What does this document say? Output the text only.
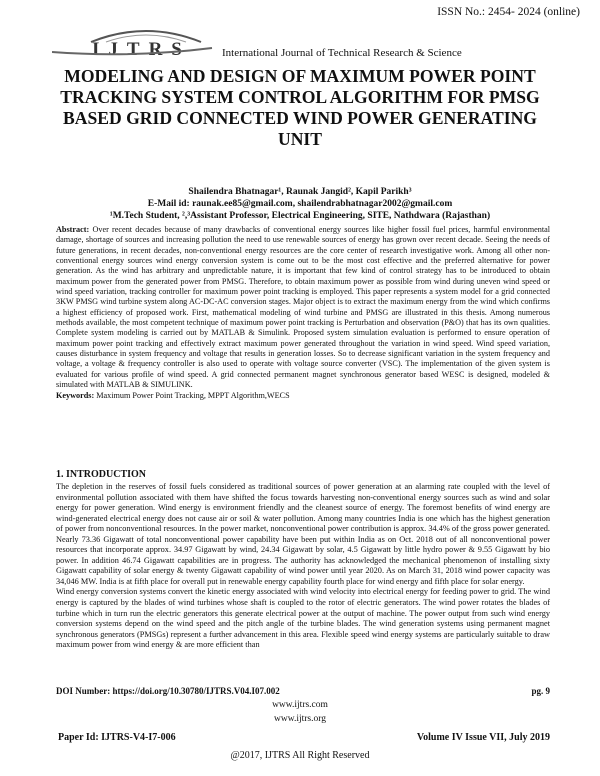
ISSN No.: 2454- 2024 (online)
IJTRS	International Journal of Technical Research & Science
MODELING AND DESIGN OF MAXIMUM POWER POINT TRACKING SYSTEM CONTROL ALGORITHM FOR PMSG BASED GRID CONNECTED WIND POWER GENERATING UNIT
Shailendra Bhatnagar¹, Raunak Jangid², Kapil Parikh³
E-Mail id: raunak.ee85@gmail.com, shailendrabhatnagar2002@gmail.com
¹M.Tech Student, ²,³Assistant Professor, Electrical Engineering, SITE, Nathdwara (Rajasthan)
Abstract: Over recent decades because of many drawbacks of conventional energy sources like higher fossil fuel prices, harmful environmental damage, shortage of sources and increasing pollution the need to use renewable sources of energy has grown over recent decade. Seeing the needs of future generations, in recent decades, non-conventional energy resources are the core center of research investigative work. Among all other non-conventional energy sources wind energy conversion system is come out to be the most cost effective and the preferred alternative for power generation. As the wind has arbitrary and unpredictable nature, it is important that few kind of control strategy has to be introduced to obtain maximum power from the generated power from PMSG. Therefore, to obtain maximum power as possible from wind during uneven wind speed or wind speed variation, tracking controller for maximum power point tracking is employed. This paper represents a system model for a grid connected 3KW PMSG wind turbine system along AC-DC-AC conversion stages. Major object is to extract the maximum energy from the wind which confirms a highest efficiency of proposed work. First, mathematical modeling of wind turbine and PMSG are illustrated in this thesis. Among numerous methods available, the most competent technique of maximum power point tracking is Perturbation and observation (P&O) that has its own qualities. Complete system modeling is carried out by MATLAB & Simulink. Proposed system simulation evaluation is performed to ensure operation of maximum power point tracking and effectively extract maximum power generated throughout the variation in wind speed. Wind speed variation, causes disturbance in system frequency and voltage that results in generation losses. So to decrease significant variation in the system frequency and voltage, a voltage & frequency controller is also used to operate with voltage source converter (VSC). The implementation of the given system is evaluated for various profile of wind speed. A grid connected permanent magnet synchronous generator based WESC is designed, modeled & simulated with MATLAB & SIMULINK.
Keywords: Maximum Power Point Tracking, MPPT Algorithm,WECS
1. INTRODUCTION

The depletion in the reserves of fossil fuels considered as traditional sources of power generation at an alarming rate coupled with the level of environmental pollution associated with them have shifted the focus towards harvesting non-conventional energy sources such as wind and solar energy for power generation. Wind energy is environment friendly and the cleanest source of energy. The foremost benefits of wind energy are wind-generated electrical energy does not cause air or soil & water pollution. Among many countries India is one which has the highest generation of power from nonconventional resources. In the power market, nonconventional power contribution is approx. 34.4% of the gross power generated. Nearly 73.36 Gigawatt of total nonconventional power capability have been put within India as on Oct. 2018 out of all nonconventional power resources that incorporate approx. 34.97 Gigawatt by wind, 24.34 Gigawatt by solar, 4.5 Gigawatt by little hydro power & 9.55 Gigawatt by bio power. In addition 46.74 Gigawatt capabilities are in progress. The authority has acknowledged the mechanical phenomenon of installing sixty Gigawatt capability of solar energy & twenty Gigawatt capability of wind power until year 2020. As on March 31, 2018 wind power capacity was 34,046 MW. India is at fifth place for overall put in renewable energy capability fourth place for wind energy and fifth place for solar energy.

Wind energy conversion systems convert the kinetic energy associated with wind velocity into electrical energy for feeding power to grid. The wind energy is captured by the blades of wind turbines whose shaft is coupled to the rotor of electric generators. The wind power rotates the blades of turbine which in turn run the electric generators this generate electrical power at the output of machine. The power output from such wind energy conversion systems depend on the wind speed and the pitch angle of the turbine blades. The wind generation systems using permanent magnet synchronous generators (PMSGs) represent a further advancement in this area. Flexible speed wind energy systems are particularly suitable to draw maximum power from wind energy & are more efficient than

DOI Number: https://doi.org/10.30780/IJTRS.V04.I07.002	pg. 9
www.ijtrs.com
www.ijtrs.org
Paper Id: IJTRS-V4-I7-006	Volume IV Issue VII, July 2019
@2017, IJTRS All Right Reserved
